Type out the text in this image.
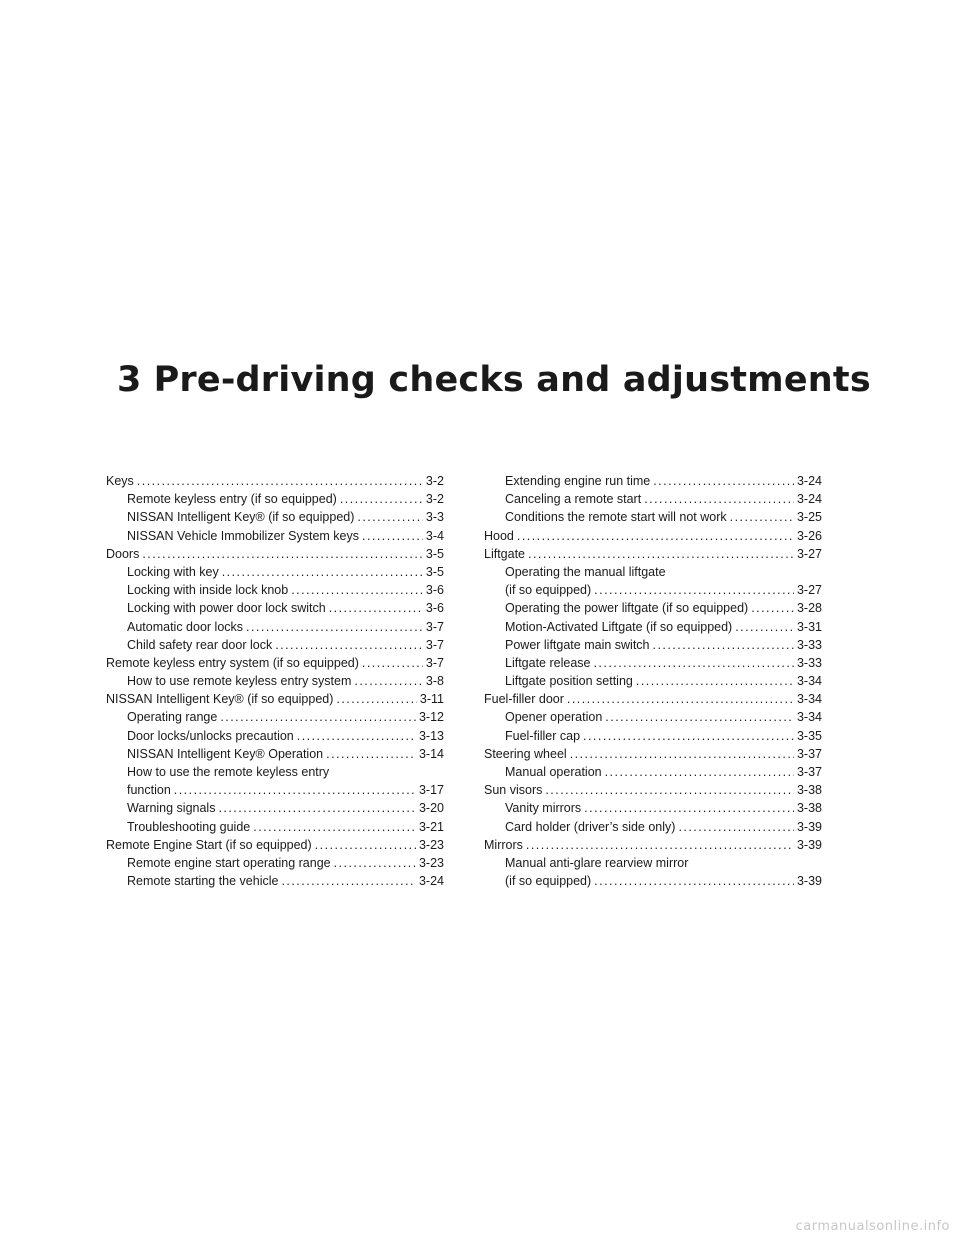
3 Pre-driving checks and adjustments
Keys . . .	3-2
Remote keyless entry (if so equipped) . . .	3-2
NISSAN Intelligent Key® (if so equipped) . . .	3-3
NISSAN Vehicle Immobilizer System keys . . .	3-4
Doors . . .	3-5
Locking with key . . .	3-5
Locking with inside lock knob . . .	3-6
Locking with power door lock switch . . .	3-6
Automatic door locks . . .	3-7
Child safety rear door lock . . .	3-7
Remote keyless entry system (if so equipped) . . .	3-7
How to use remote keyless entry system . . .	3-8
NISSAN Intelligent Key® (if so equipped) . . .	3-11
Operating range . . .	3-12
Door locks/unlocks precaution . . .	3-13
NISSAN Intelligent Key® Operation . . .	3-14
How to use the remote keyless entry
function . . .	3-17
Warning signals . . .	3-20
Troubleshooting guide . . .	3-21
Remote Engine Start (if so equipped) . . .	3-23
Remote engine start operating range . . .	3-23
Remote starting the vehicle . . .	3-24
Extending engine run time . . .	3-24
Canceling a remote start . . .	3-24
Conditions the remote start will not work . . .	3-25
Hood . . .	3-26
Liftgate . . .	3-27
Operating the manual liftgate
(if so equipped) . . .	3-27
Operating the power liftgate (if so equipped) . . .	3-28
Motion-Activated Liftgate (if so equipped) . . .	3-31
Power liftgate main switch . . .	3-33
Liftgate release . . .	3-33
Liftgate position setting . . .	3-34
Fuel-filler door . . .	3-34
Opener operation . . .	3-34
Fuel-filler cap . . .	3-35
Steering wheel . . .	3-37
Manual operation . . .	3-37
Sun visors . . .	3-38
Vanity mirrors . . .	3-38
Card holder (driver’s side only) . . .	3-39
Mirrors . . .	3-39
Manual anti-glare rearview mirror
(if so equipped) . . .	3-39
carmanualsonline.info
